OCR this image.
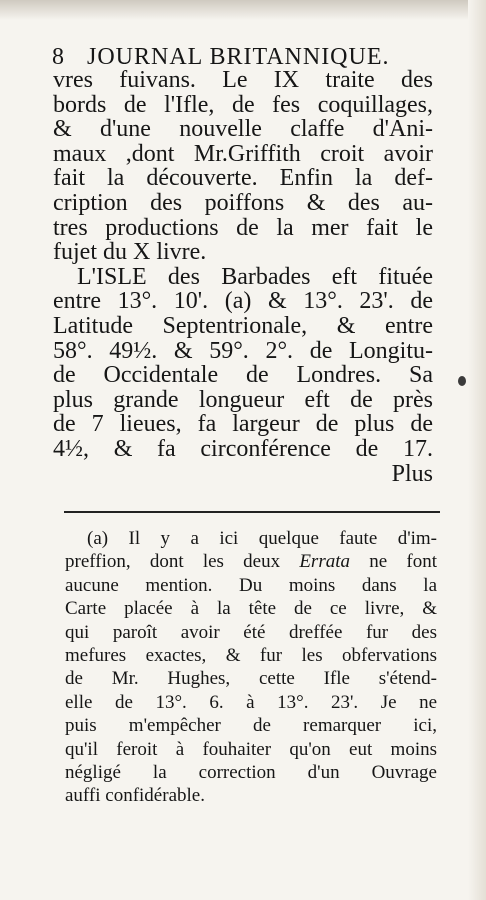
8 JOURNAL BRITANNIQUE.
vres fuivans. Le IX traite des
bords de l'Ifle, de fes coquillages,
& d'une nouvelle claffe d'Ani-
maux ,dont Mr.Griffith croit avoir
fait la découverte. Enfin la def-
cription des poiffons & des au-
tres productions de la mer fait le
fujet du X livre.
L'ISLE des Barbades eft fituée
entre 13°. 10'. (a) & 13°. 23'. de
Latitude Septentrionale, & entre
58°. 49½. & 59°. 2°. de Longitu-
de Occidentale de Londres. Sa
plus grande longueur eft de près
de 7 lieues, fa largeur de plus de
4½, & fa circonférence de 17.
Plus
(a) Il y a ici quelque faute d'im-
preffion, dont les deux Errata ne font
aucune mention. Du moins dans la
Carte placée à la tête de ce livre, &
qui paroît avoir été dreffée fur des
mefures exactes, & fur les obfervations
de Mr. Hughes, cette Ifle s'étend-
elle de 13°. 6. à 13°. 23'. Je ne
puis m'empêcher de remarquer ici,
qu'il feroit à fouhaiter qu'on eut moins
négligé la correction d'un Ouvrage
auffi confidérable.
